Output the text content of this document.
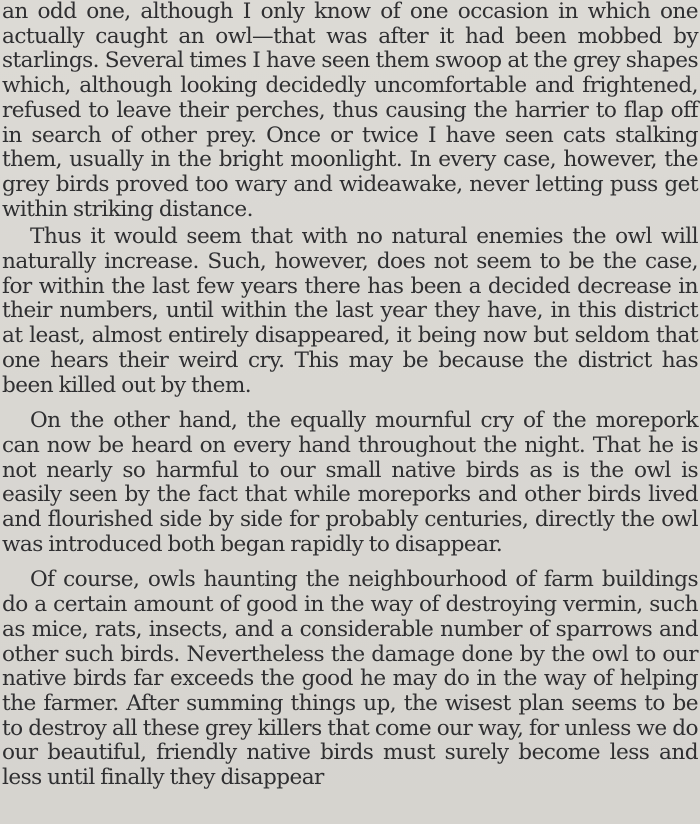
an odd one, although I only know of one occasion in which one actually caught an owl—that was after it had been mobbed by starlings. Several times I have seen them swoop at the grey shapes which, although looking decidedly uncomfortable and frightened, refused to leave their perches, thus causing the harrier to flap off in search of other prey. Once or twice I have seen cats stalking them, usually in the bright moonlight. In every case, however, the grey birds proved too wary and wideawake, never letting puss get within striking distance.

Thus it would seem that with no natural enemies the owl will naturally increase. Such, however, does not seem to be the case, for within the last few years there has been a decided decrease in their numbers, until within the last year they have, in this district at least, almost entirely disappeared, it being now but seldom that one hears their weird cry. This may be because the district has been killed out by them.

On the other hand, the equally mournful cry of the morepork can now be heard on every hand throughout the night. That he is not nearly so harmful to our small native birds as is the owl is easily seen by the fact that while moreporks and other birds lived and flourished side by side for probably centuries, directly the owl was introduced both began rapidly to disappear.

Of course, owls haunting the neighbourhood of farm buildings do a certain amount of good in the way of destroying vermin, such as mice, rats, insects, and a considerable number of sparrows and other such birds. Nevertheless the damage done by the owl to our native birds far exceeds the good he may do in the way of helping the farmer. After summing things up, the wisest plan seems to be to destroy all these grey killers that come our way, for unless we do our beautiful, friendly native birds must surely become less and less until finally they disappear
